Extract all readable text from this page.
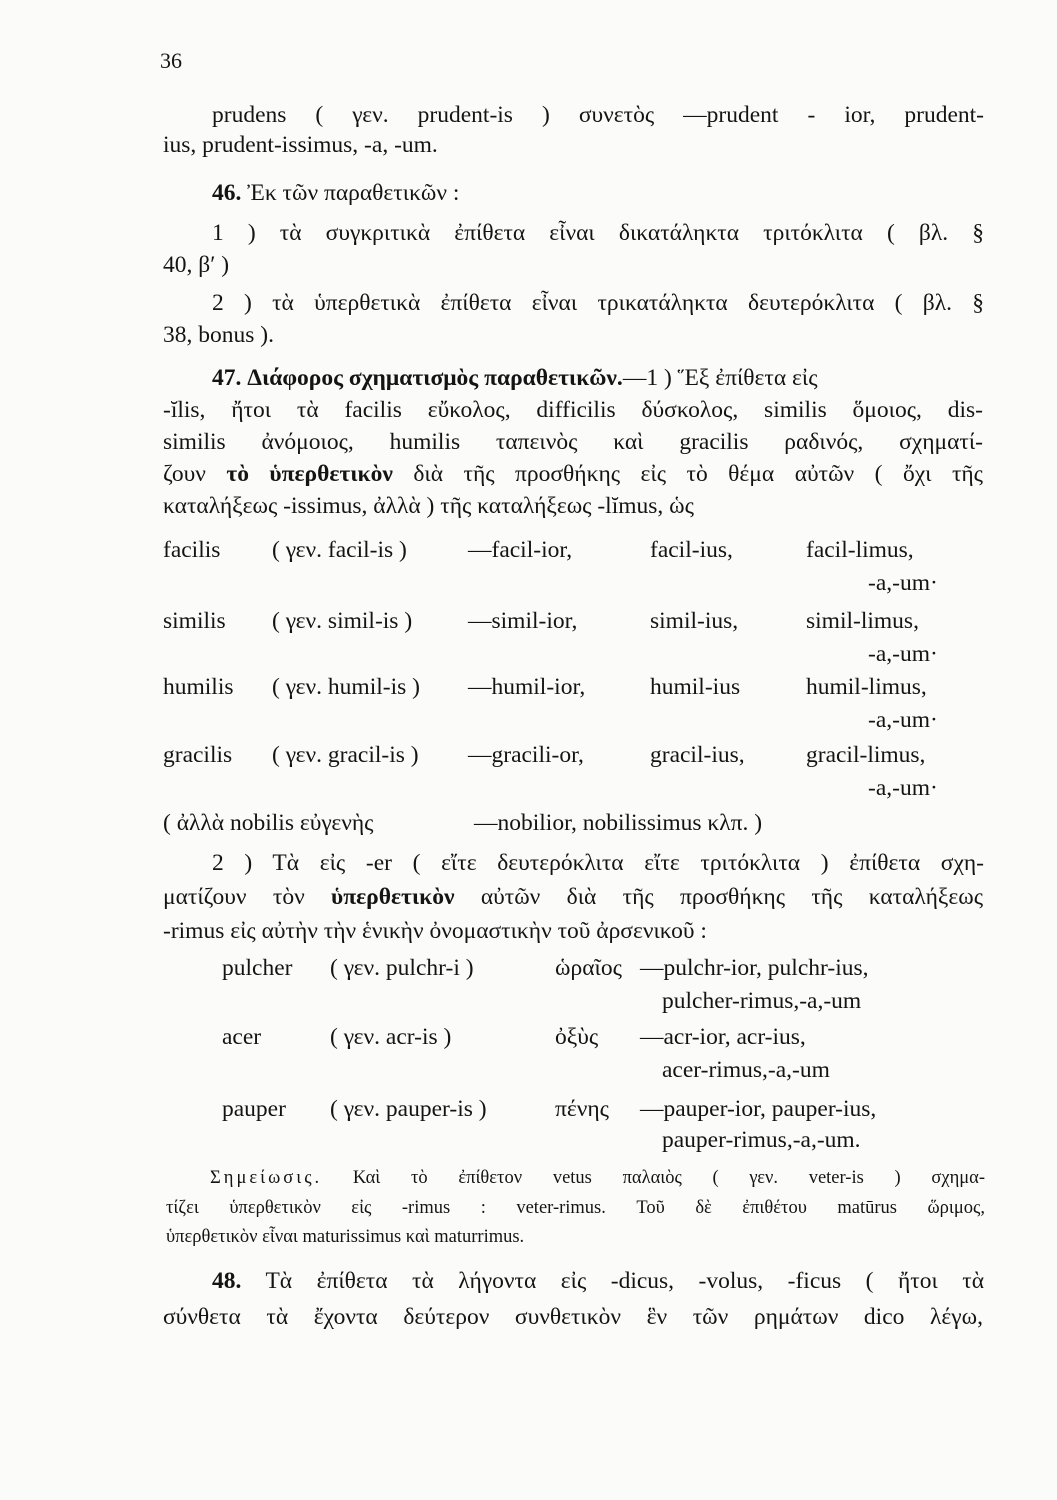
36
prudens ( γεν. prudent-is ) συνετὸς —prudent - ior, prudent-
ius, prudent-issimus, -a, -um.
46. Ἐκ τῶν παραθετικῶν :
1 ) τὰ συγκριτικὰ ἐπίθετα εἶναι δικατάληκτα τριτόκλιτα ( βλ. §
40, β′ )
2 ) τὰ ὑπερθετικὰ ἐπίθετα εἶναι τρικατάληκτα δευτερόκλιτα ( βλ. §
38, bonus ).
47. Διάφορος σχηματισμὸς παραθετικῶν.—1 ) Ἕξ ἐπίθετα εἰς
-ĭlis, ἤτοι τὰ facilis εὔκολος, difficilis δύσκολος, similis ὅμοιος, dis-
similis ἀνόμοιος, humilis ταπεινὸς καὶ gracilis ραδινός, σχηματί-
ζουν τὸ ὑπερθετικὸν διὰ τῆς προσθήκης εἰς τὸ θέμα αὐτῶν ( ὄχι τῆς
καταλήξεως -issimus, ἀλλὰ ) τῆς καταλήξεως -lĭmus, ὡς
facilis ( γεν. facil-is )	—facil-ior,	facil-ius,	facil-limus,
-a,-um·
similis ( γεν. simil-is ) —simil-ior,	simil-ius,	simil-limus,
-a,-um·
humilis ( γεν. humil-is ) —humil-ior,	humil-ius	humil-limus,
-a,-um·
gracilis ( γεν. gracil-is ) —gracili-or,	gracil-ius,	gracil-limus,
-a,-um·
( ἀλλὰ nobilis εὐγενὴς	—nobilior, nobilissimus κλπ. )
2 ) Τὰ εἰς -er ( εἴτε δευτερόκλιτα εἴτε τριτόκλιτα ) ἐπίθετα σχη-
ματίζουν τὸν ὑπερθετικὸν αὐτῶν διὰ τῆς προσθήκης τῆς καταλήξεως
-rimus εἰς αὐτὴν τὴν ἑνικὴν ὀνομαστικὴν τοῦ ἀρσενικοῦ :
pulcher ( γεν. pulchr-i )	ὡραῖος —pulchr-ior, pulchr-ius,
pulcher-rimus,-a,-um
acer	( γεν. acr-is )	ὀξὺς —acr-ior, acr-ius,
acer-rimus,-a,-um
pauper ( γεν. pauper-is )	πένης —pauper-ior, pauper-ius,
pauper-rimus,-a,-um.
Σημείωσις. Καὶ τὸ ἐπίθετον vetus παλαιὸς ( γεν. veter-is ) σχημα-
τίζει ὑπερθετικὸν εἰς -rimus : veter-rimus. Τοῦ δὲ ἐπιθέτου matūrus ὥριμος,
ὑπερθετικὸν εἶναι maturissimus καὶ maturrimus.
48. Τὰ ἐπίθετα τὰ λήγοντα εἰς -dicus, -volus, -ficus ( ἤτοι τὰ
σύνθετα τὰ ἔχοντα δεύτερον συνθετικὸν ἓν τῶν ρημάτων dico λέγω,
